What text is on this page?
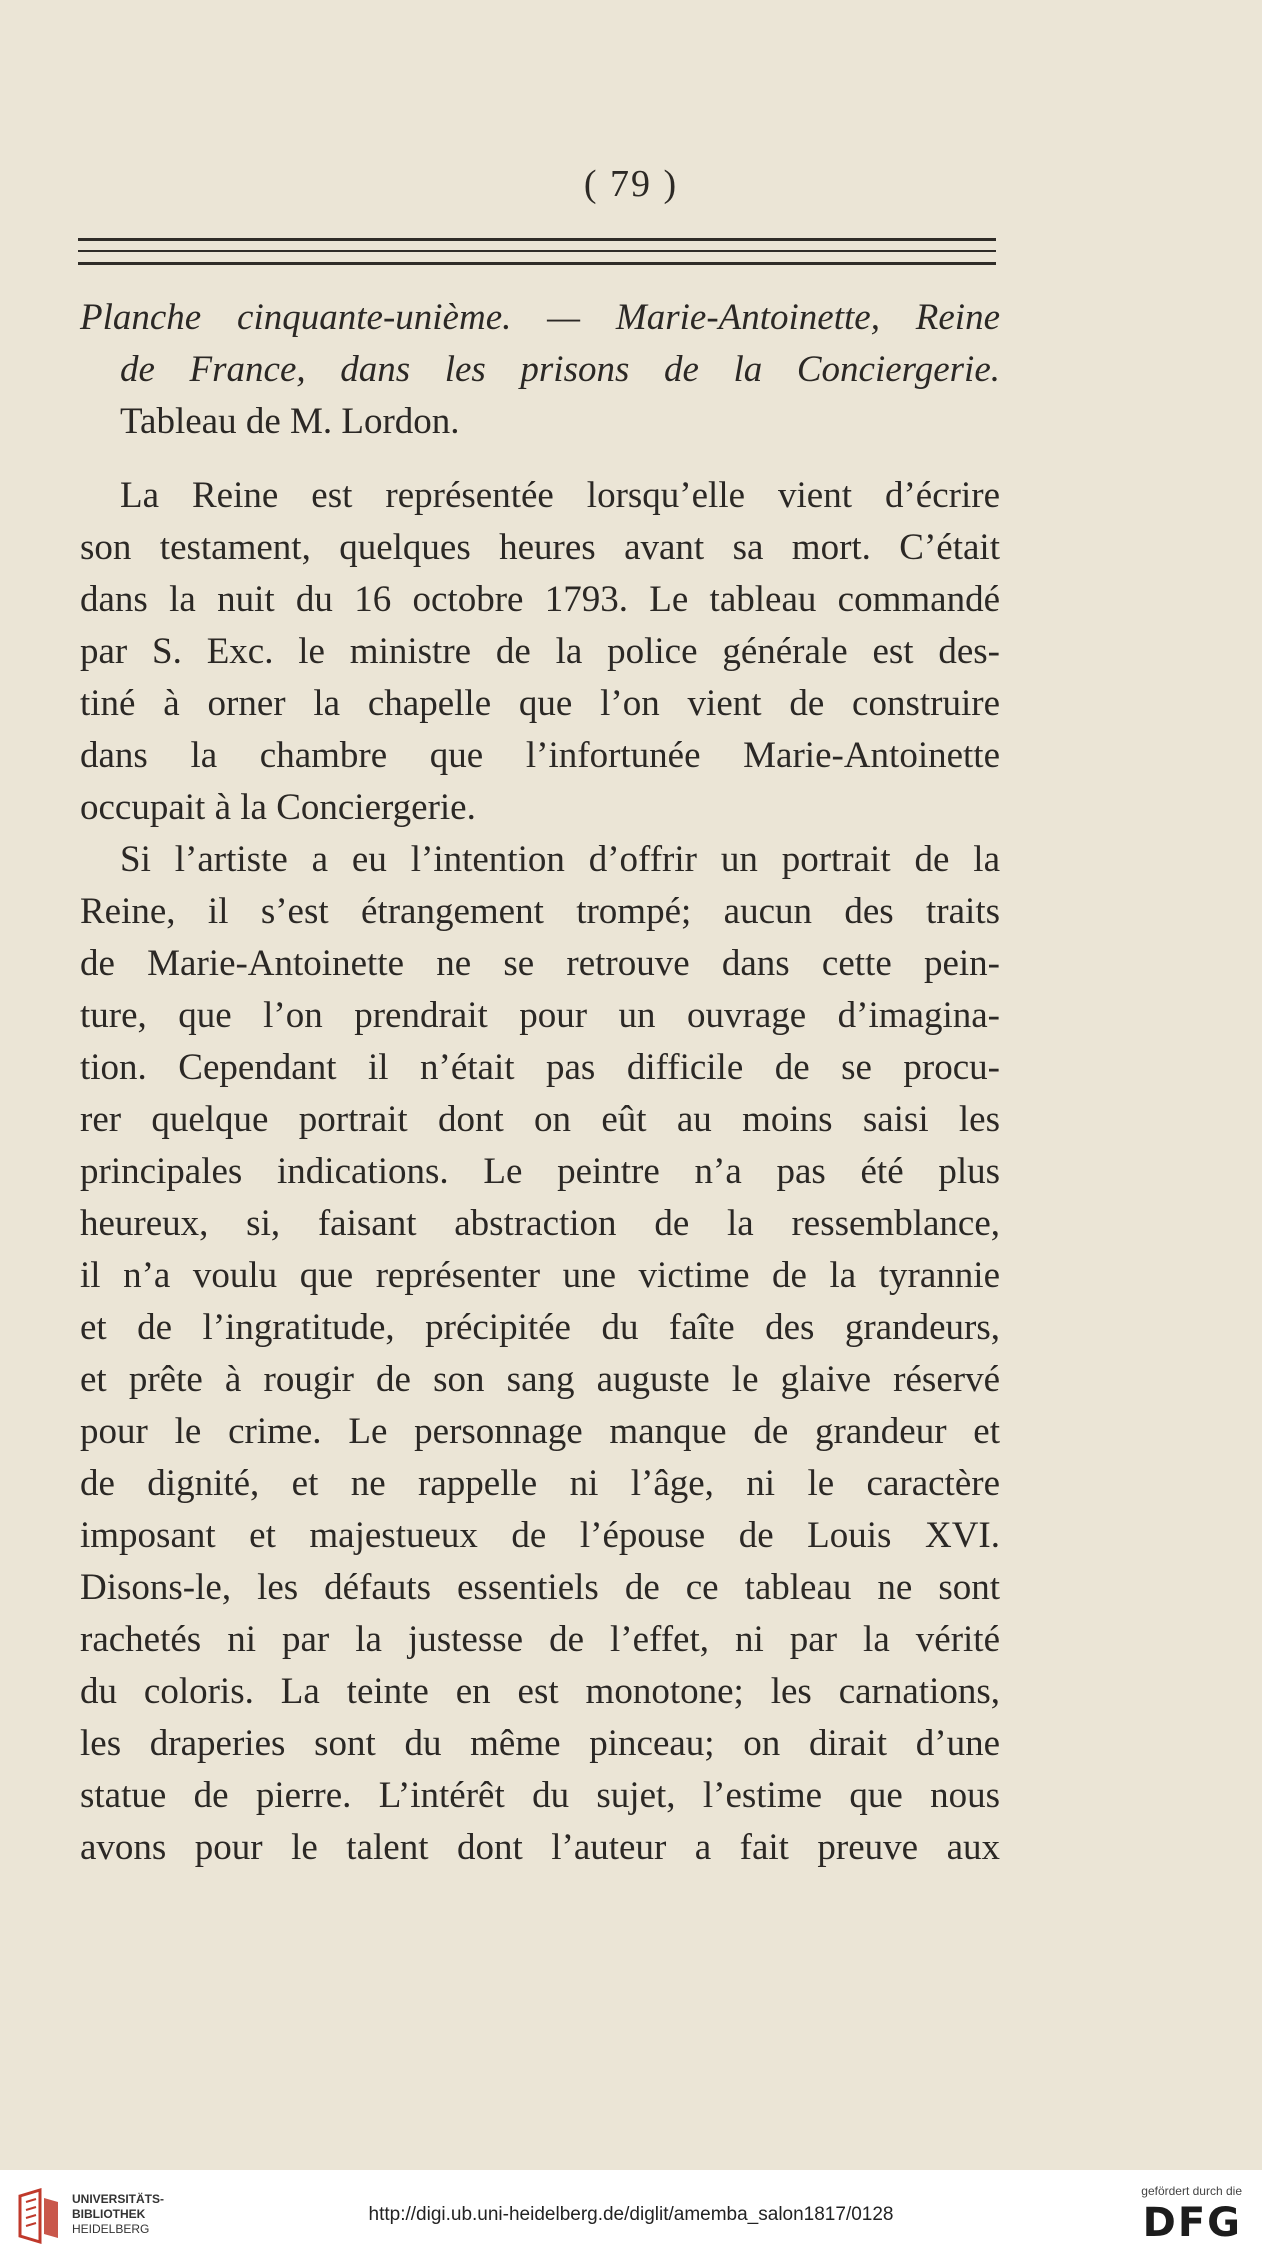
( 79 )
Planche cinquante-unième. — Marie-Antoinette, Reine
de France, dans les prisons de la Conciergerie.
Tableau de M. Lordon.
La Reine est représentée lorsqu’elle vient d’écrire
son testament, quelques heures avant sa mort. C’était
dans la nuit du 16 octobre 1793. Le tableau commandé
par S. Exc. le ministre de la police générale est des-
tiné à orner la chapelle que l’on vient de construire
dans la chambre que l’infortunée Marie-Antoinette
occupait à la Conciergerie.
Si l’artiste a eu l’intention d’offrir un portrait de la
Reine, il s’est étrangement trompé; aucun des traits
de Marie-Antoinette ne se retrouve dans cette pein-
ture, que l’on prendrait pour un ouvrage d’imagina-
tion. Cependant il n’était pas difficile de se procu-
rer quelque portrait dont on eût au moins saisi les
principales indications. Le peintre n’a pas été plus
heureux, si, faisant abstraction de la ressemblance,
il n’a voulu que représenter une victime de la tyrannie
et de l’ingratitude, précipitée du faîte des grandeurs,
et prête à rougir de son sang auguste le glaive réservé
pour le crime. Le personnage manque de grandeur et
de dignité, et ne rappelle ni l’âge, ni le caractère
imposant et majestueux de l’épouse de Louis XVI.
Disons-le, les défauts essentiels de ce tableau ne sont
rachetés ni par la justesse de l’effet, ni par la vérité
du coloris. La teinte en est monotone; les carnations,
les draperies sont du même pinceau; on dirait d’une
statue de pierre. L’intérêt du sujet, l’estime que nous
avons pour le talent dont l’auteur a fait preuve aux
UNIVERSITÄTS-
BIBLIOTHEK
HEIDELBERG
http://digi.ub.uni-heidelberg.de/diglit/amemba_salon1817/0128
gefördert durch die
DFG
